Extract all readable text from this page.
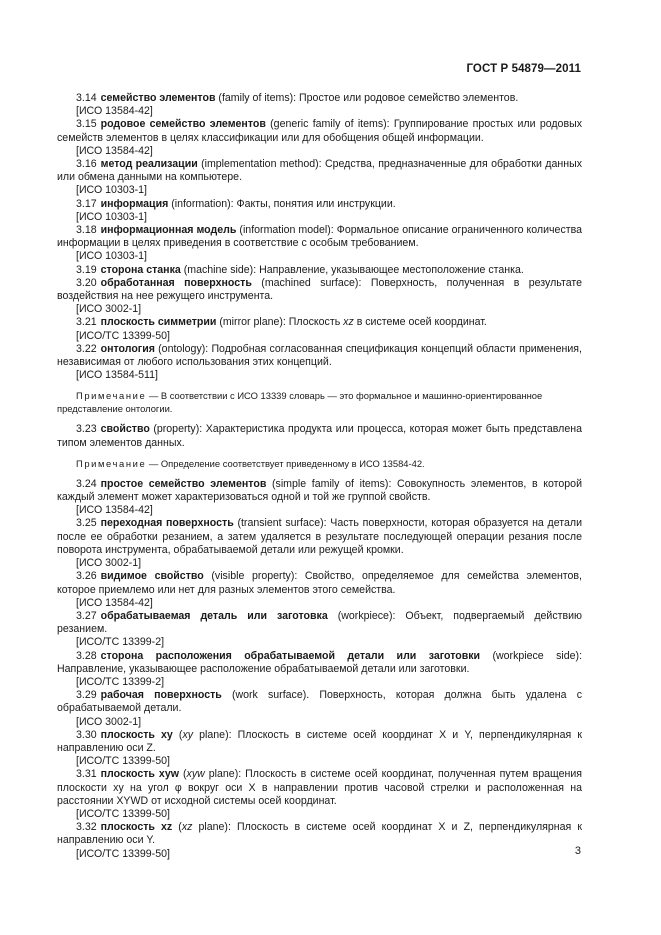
ГОСТ Р 54879—2011

3.14 семейство элементов (family of items): Простое или родовое семейство элементов.

[ИСО 13584-42]

3.15 родовое семейство элементов (generic family of items): Группирование простых или родовых семейств элементов в целях классификации или для обобщения общей информации.

[ИСО 13584-42]

3.16 метод реализации (implementation method): Средства, предназначенные для обработки данных или обмена данными на компьютере.

[ИСО 10303-1]

3.17 информация (information): Факты, понятия или инструкции.

[ИСО 10303-1]

3.18 информационная модель (information model): Формальное описание ограниченного количества информации в целях приведения в соответствие с особым требованием.

[ИСО 10303-1]

3.19 сторона станка (machine side): Направление, указывающее местоположение станка.

3.20 обработанная поверхность (machined surface): Поверхность, полученная в результате воздействия на нее режущего инструмента.

[ИСО 3002-1]

3.21 плоскость симметрии (mirror plane): Плоскость xz в системе осей координат.

[ИСО/ТС 13399-50]

3.22 онтология (ontology): Подробная согласованная спецификация концепций области применения, независимая от любого использования этих концепций.

[ИСО 13584-511]

Примечание — В соответствии с ИСО 13339 словарь — это формальное и машинно-ориентированное представление онтологии.

3.23 свойство (property): Характеристика продукта или процесса, которая может быть представлена типом элементов данных.

Примечание — Определение соответствует приведенному в ИСО 13584-42.

3.24 простое семейство элементов (simple family of items): Совокупность элементов, в которой каждый элемент может характеризоваться одной и той же группой свойств.

[ИСО 13584-42]

3.25 переходная поверхность (transient surface): Часть поверхности, которая образуется на детали после ее обработки резанием, а затем удаляется в результате последующей операции резания после поворота инструмента, обрабатываемой детали или режущей кромки.

[ИСО 3002-1]

3.26 видимое свойство (visible property): Свойство, определяемое для семейства элементов, которое приемлемо или нет для разных элементов этого семейства.

[ИСО 13584-42]

3.27 обрабатываемая деталь или заготовка (workpiece): Объект, подвергаемый действию резанием.

[ИСО/ТС 13399-2]

3.28 сторона расположения обрабатываемой детали или заготовки (workpiece side): Направление, указывающее расположение обрабатываемой детали или заготовки.

[ИСО/ТС 13399-2]

3.29 рабочая поверхность (work surface). Поверхность, которая должна быть удалена с обрабатываемой детали.

[ИСО 3002-1]

3.30 плоскость xy (xy plane): Плоскость в системе осей координат X и Y, перпендикулярная к направлению оси Z.

[ИСО/ТС 13399-50]

3.31 плоскость xyw (xyw plane): Плоскость в системе осей координат, полученная путем вращения плоскости xy на угол φ вокруг оси X в направлении против часовой стрелки и расположенная на расстоянии XYWD от исходной системы осей координат.

[ИСО/ТС 13399-50]

3.32 плоскость xz (xz plane): Плоскость в системе осей координат X и Z, перпендикулярная к направлению оси Y.

[ИСО/ТС 13399-50]	3
